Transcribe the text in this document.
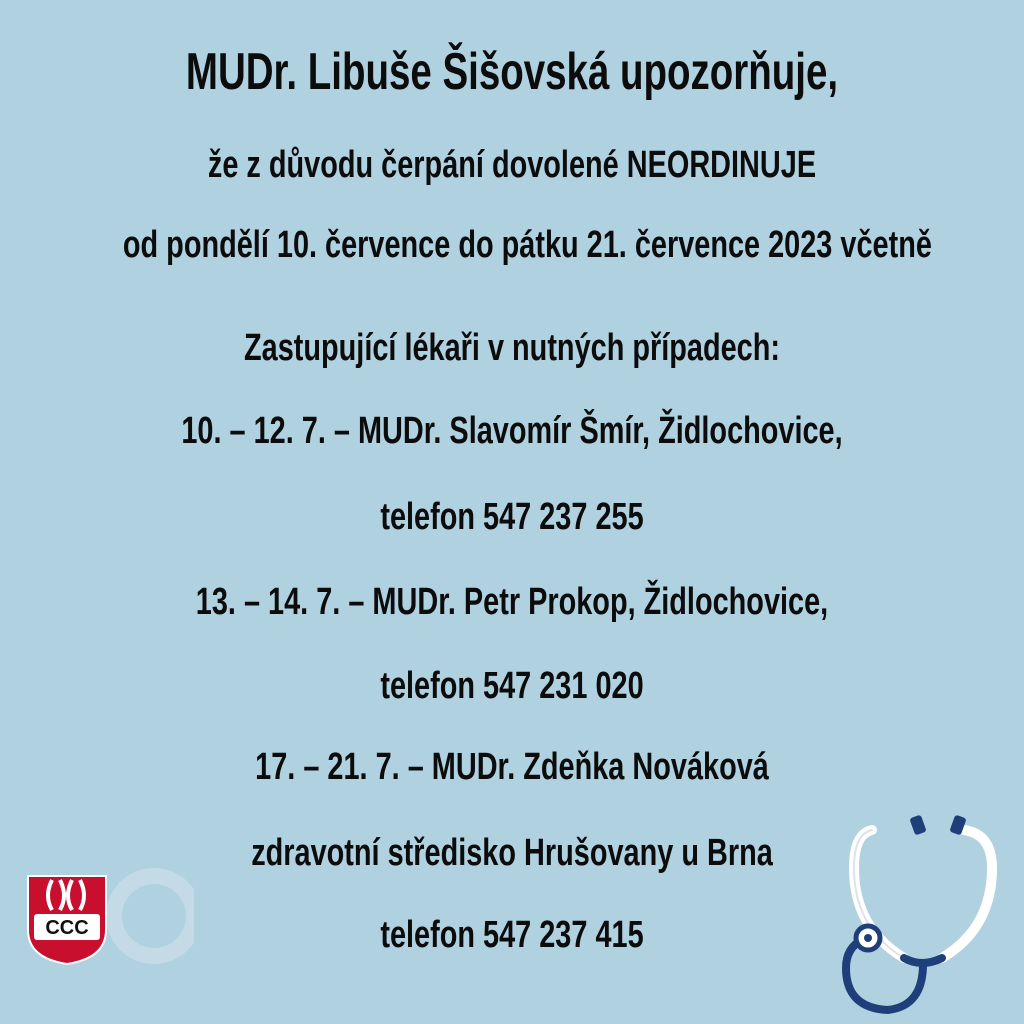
MUDr. Libuše Šišovská upozorňuje,
že z důvodu čerpání dovolené NEORDINUJE
od pondělí 10. července do pátku 21. července 2023 včetně
Zastupující lékaři v nutných případech:
10. – 12. 7. – MUDr. Slavomír Šmír, Židlochovice,
telefon 547 237 255
13. – 14. 7. – MUDr. Petr Prokop, Židlochovice,
telefon 547 231 020
17. – 21. 7. – MUDr. Zdeňka Nováková
zdravotní středisko Hrušovany u Brna
telefon 547 237 415
CCC
